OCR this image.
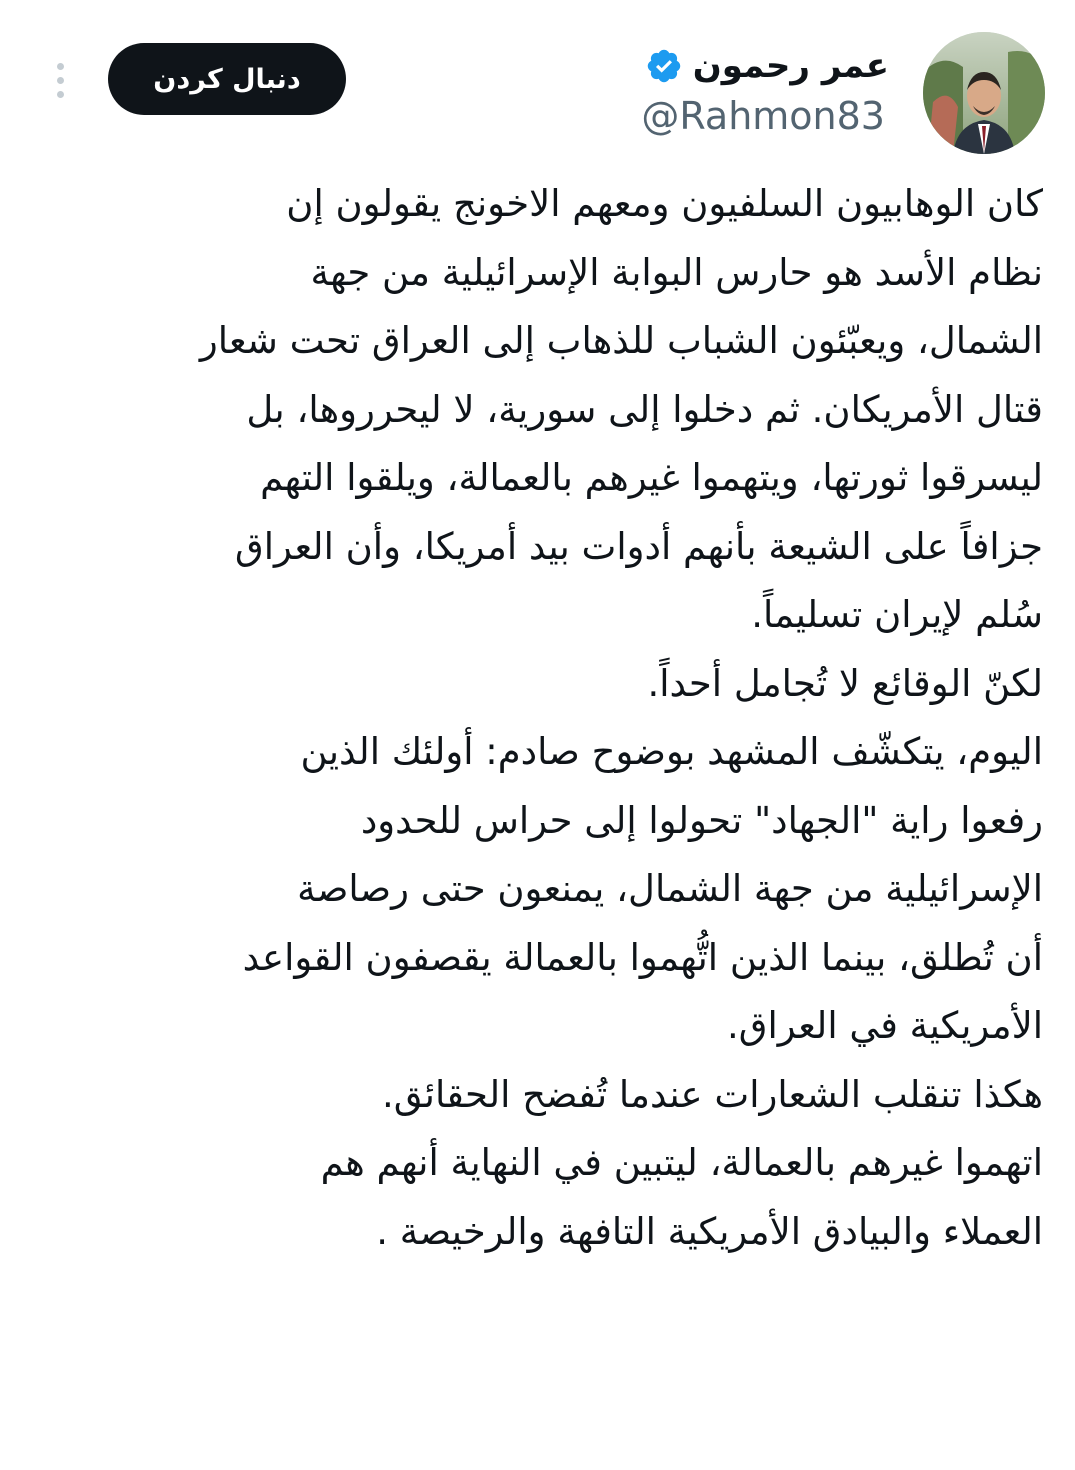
عمر رحمون
@Rahmon83
دنبال کردن

كان الوهابيون السلفيون ومعهم الاخونج يقولون إن

نظام الأسد هو حارس البوابة الإسرائيلية من جهة

الشمال، ويعبّئون الشباب للذهاب إلى العراق تحت شعار

قتال الأمريكان. ثم دخلوا إلى سورية، لا ليحرروها، بل

ليسرقوا ثورتها، ويتهموا غيرهم بالعمالة، ويلقوا التهم

جزافاً على الشيعة بأنهم أدوات بيد أمريكا، وأن العراق

سُلم لإيران تسليماً.

لكنّ الوقائع لا تُجامل أحداً.

اليوم، يتكشّف المشهد بوضوح صادم: أولئك الذين

رفعوا راية "الجهاد" تحولوا إلى حراس للحدود

الإسرائيلية من جهة الشمال، يمنعون حتى رصاصة

أن تُطلق، بينما الذين اتُّهموا بالعمالة يقصفون القواعد

الأمريكية في العراق.

هكذا تنقلب الشعارات عندما تُفضح الحقائق.

اتهموا غيرهم بالعمالة، ليتبين في النهاية أنهم هم

العملاء والبيادق الأمريكية التافهة والرخيصة .
